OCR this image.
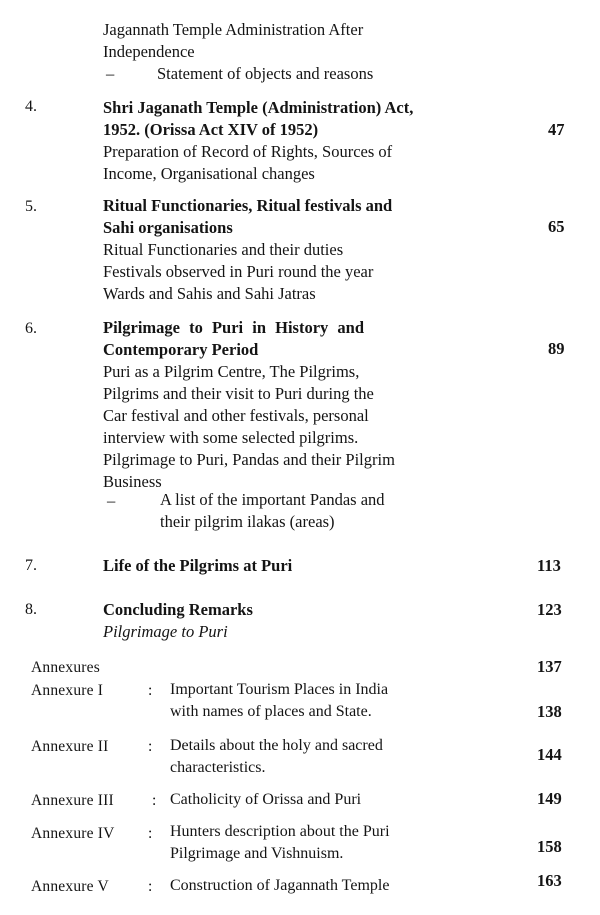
Jagannath Temple Administration After
Independence
–	Statement of objects and reasons
4.	Shri Jaganath Temple (Administration) Act,
1952. (Orissa Act XIV of 1952)
Preparation of Record of Rights, Sources of
Income, Organisational changes
47
5.	Ritual Functionaries, Ritual festivals and
Sahi organisations
Ritual Functionaries and their duties
Festivals observed in Puri round the year
Wards and Sahis and Sahi Jatras
65
6.	Pilgrimage to Puri in History and
Contemporary Period
Puri as a Pilgrim Centre, The Pilgrims,
Pilgrims and their visit to Puri during the
Car festival and other festivals, personal
interview with some selected pilgrims.
Pilgrimage to Puri, Pandas and their Pilgrim
Business
–	A list of the important Pandas and
their pilgrim ilakas (areas)
89
7.	Life of the Pilgrims at Puri	113
8.	Concluding Remarks
Pilgrimage to Puri
123
Annexures	137
Annexure I	: Important Tourism Places in India
with names of places and State.	138
Annexure II	: Details about the holy and sacred
characteristics.
144
Annexure III : Catholicity of Orissa and Puri	149
Annexure IV : Hunters description about the Puri
Pilgrimage and Vishnuism.	158
Annexure V	: Construction of Jagannath Temple	163
